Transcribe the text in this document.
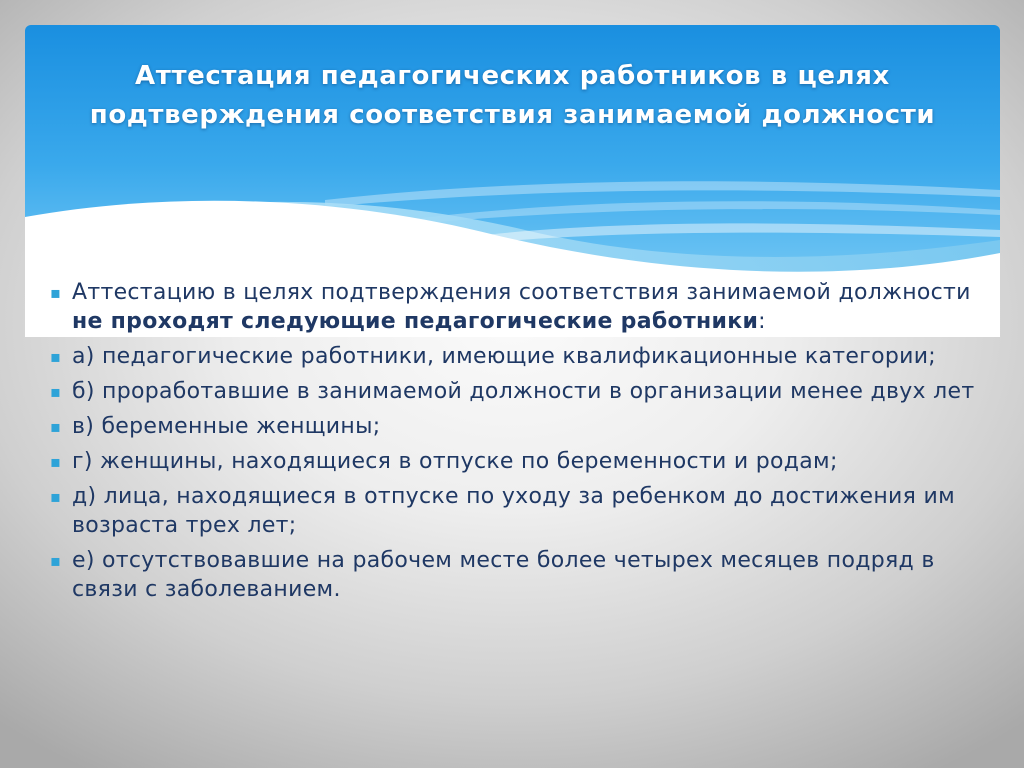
Аттестация педагогических работников в целях подтверждения соответствия занимаемой должности
▪ Аттестацию в целях подтверждения соответствия занимаемой должности не проходят следующие педагогические работники:
▪ а) педагогические работники, имеющие квалификационные категории;
▪ б) проработавшие в занимаемой должности в организации менее двух лет
▪ в) беременные женщины;
▪ г) женщины, находящиеся в отпуске по беременности и родам;
▪ д) лица, находящиеся в отпуске по уходу за ребенком до достижения им возраста трех лет;
▪ е) отсутствовавшие на рабочем месте более четырех месяцев подряд в связи с заболеванием.
